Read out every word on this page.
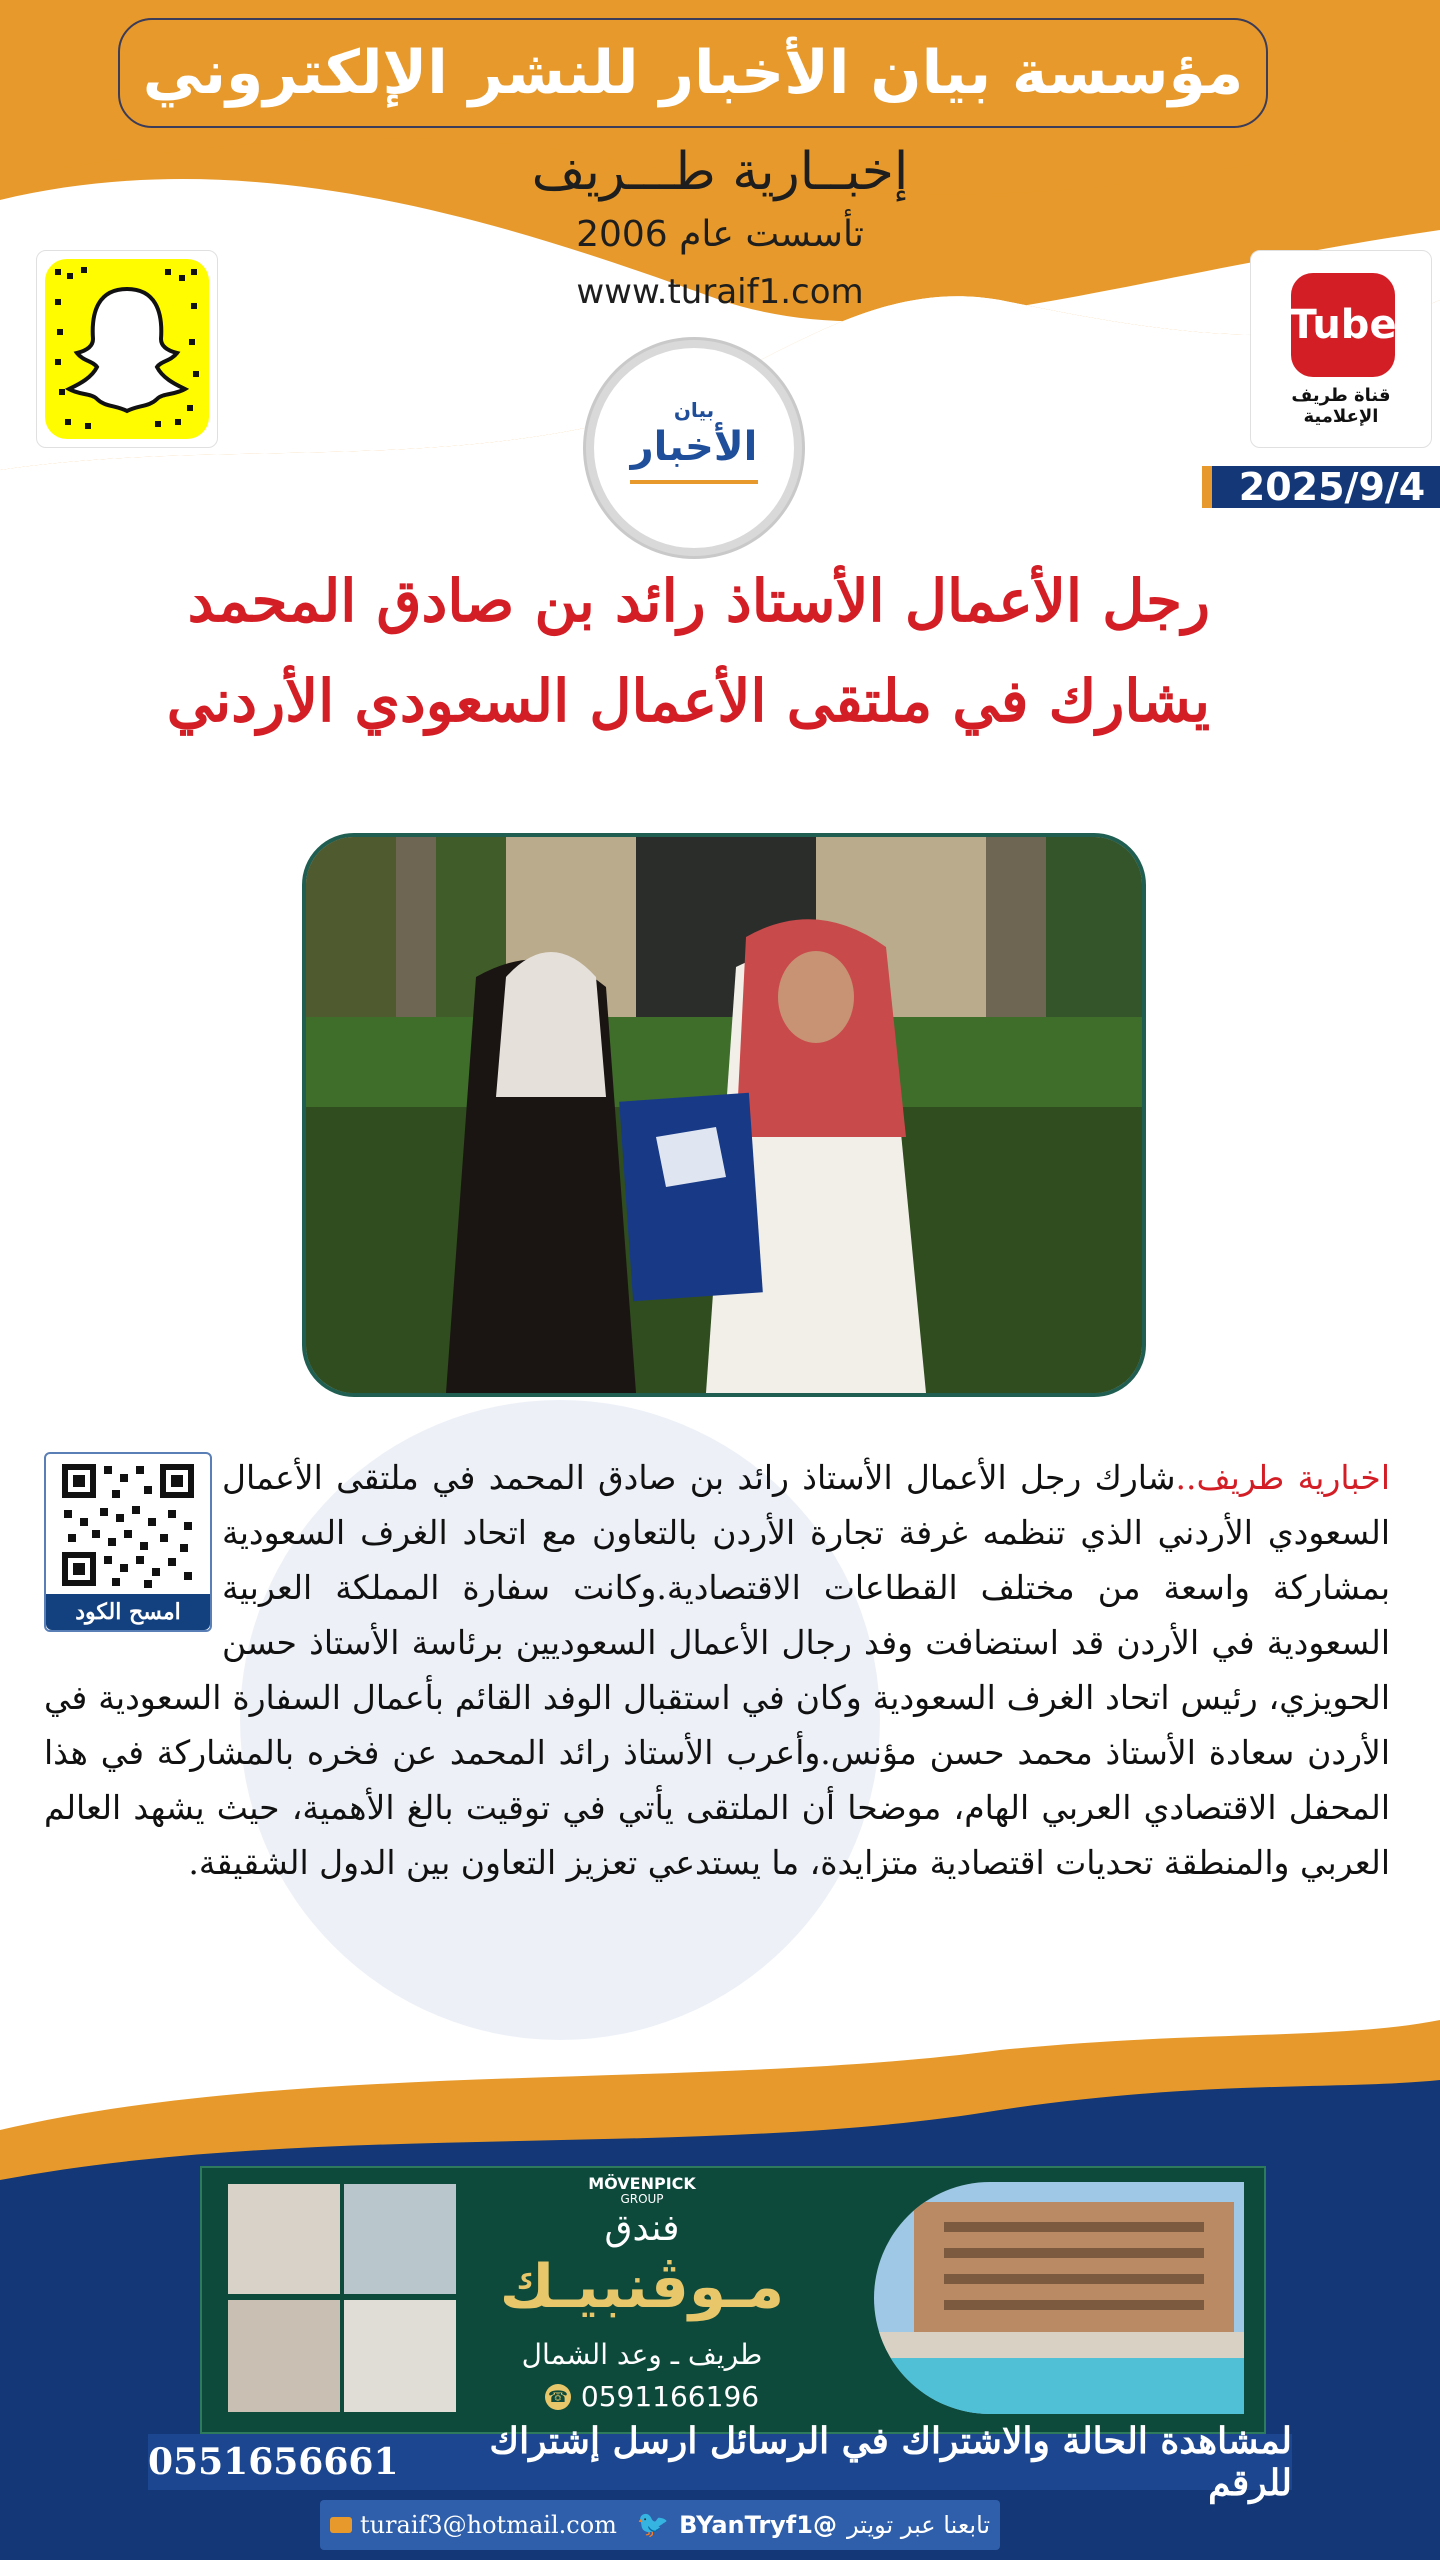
مؤسسة بيان الأخبار للنشر الإلكتروني
إخبــارية طـــريف
تأسست عام 2006
www.turaif1.com
Tube
قناة طريف الإعلامية
بيان
الأخبار
2025/9/4
رجل الأعمال الأستاذ رائد بن صادق المحمد
يشارك في ملتقى الأعمال السعودي الأردني
امسح الكود
اخبارية طريف..شارك رجل الأعمال الأستاذ رائد بن صادق المحمد في ملتقى الأعمال السعودي الأردني الذي تنظمه غرفة تجارة الأردن بالتعاون مع اتحاد الغرف السعودية بمشاركة واسعة من مختلف القطاعات الاقتصادية.وكانت سفارة المملكة العربية السعودية في الأردن قد استضافت وفد رجال الأعمال السعوديين برئاسة الأستاذ حسن الحويزي، رئيس اتحاد الغرف السعودية وكان في استقبال الوفد القائم بأعمال السفارة السعودية في الأردن سعادة الأستاذ محمد حسن مؤنس.وأعرب الأستاذ رائد المحمد عن فخره بالمشاركة في هذا المحفل الاقتصادي العربي الهام، موضحا أن الملتقى يأتي في توقيت بالغ الأهمية، حيث يشهد العالم العربي والمنطقة تحديات اقتصادية متزايدة، ما يستدعي تعزيز التعاون بين الدول الشقيقة.
MÖVENPICK
GROUP
فندق
مـوڤنبيـك
طريف ـ وعد الشمال
☎ 0591166196
لمشاهدة الحالة والاشتراك في الرسائل ارسل إشتراك للرقم
0551656661
turaif3@hotmail.com	تابعنا عبر تويتر
BYanTryf1@
🐦
